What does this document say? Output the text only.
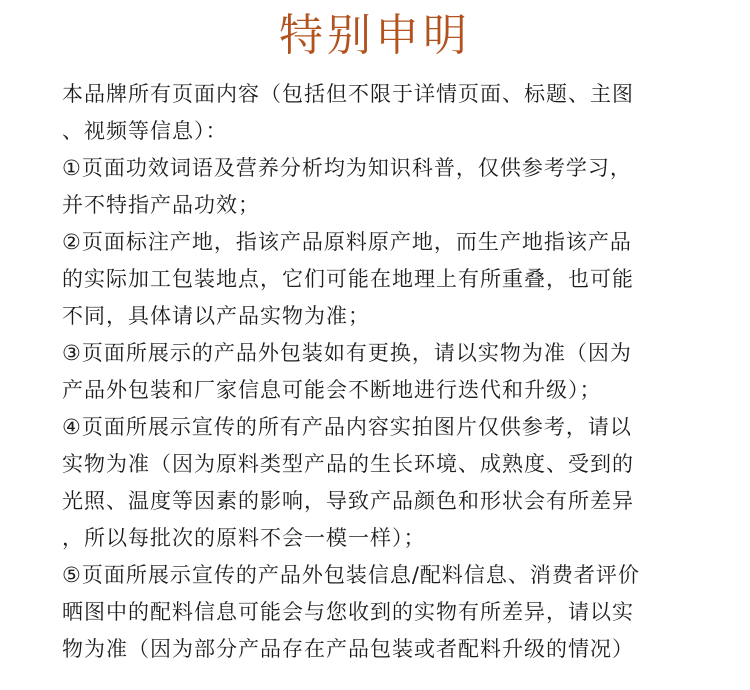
特别申明
本品牌所有页面内容（包括但不限于详情页面、标题、主图
、视频等信息）：
①页面功效词语及营养分析均为知识科普，仅供参考学习，
并不特指产品功效；
②页面标注产地，指该产品原料原产地，而生产地指该产品
的实际加工包装地点，它们可能在地理上有所重叠，也可能
不同，具体请以产品实物为准；
③页面所展示的产品外包装如有更换，请以实物为准（因为
产品外包装和厂家信息可能会不断地进行迭代和升级）；
④页面所展示宣传的所有产品内容实拍图片仅供参考，请以
实物为准（因为原料类型产品的生长环境、成熟度、受到的
光照、温度等因素的影响，导致产品颜色和形状会有所差异
，所以每批次的原料不会一模一样）；
⑤页面所展示宣传的产品外包装信息/配料信息、消费者评价
晒图中的配料信息可能会与您收到的实物有所差异，请以实
物为准（因为部分产品存在产品包装或者配料升级的情况）
